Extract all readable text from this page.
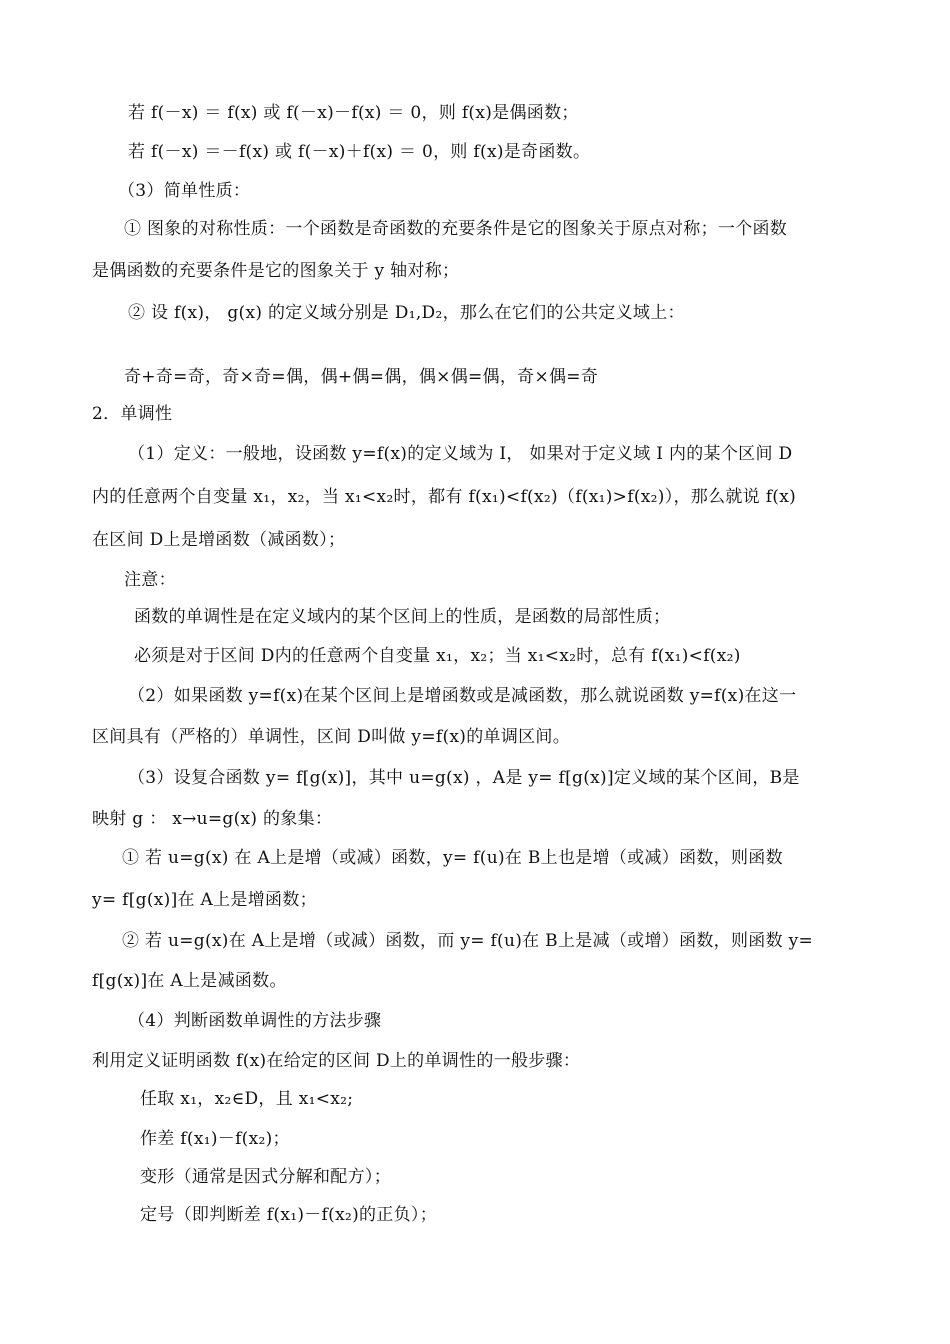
若 f(－x) ＝ f(x) 或 f(－x)－f(x) ＝ 0，则 f(x)是偶函数；
若 f(－x) ＝－f(x) 或 f(－x)＋f(x) ＝ 0，则 f(x)是奇函数。
（3）简单性质：
① 图象的对称性质：一个函数是奇函数的充要条件是它的图象关于原点对称；一个函数
是偶函数的充要条件是它的图象关于 y 轴对称；
② 设 f(x)， g(x) 的定义域分别是 D₁,D₂，那么在它们的公共定义域上：
奇+奇=奇，奇×奇=偶，偶+偶=偶，偶×偶=偶，奇×偶=奇
2．单调性
（1）定义：一般地，设函数 y=f(x)的定义域为 I， 如果对于定义域 I 内的某个区间 D
内的任意两个自变量 x₁，x₂，当 x₁<x₂时，都有 f(x₁)<f(x₂)（f(x₁)>f(x₂)），那么就说 f(x)
在区间 D上是增函数（减函数）；
注意：
函数的单调性是在定义域内的某个区间上的性质，是函数的局部性质；
必须是对于区间 D内的任意两个自变量 x₁，x₂；当 x₁<x₂时，总有 f(x₁)<f(x₂)
（2）如果函数 y=f(x)在某个区间上是增函数或是减函数，那么就说函数 y=f(x)在这一
区间具有（严格的）单调性，区间 D叫做 y=f(x)的单调区间。
（3）设复合函数 y= f[g(x)]，其中 u=g(x) ，A是 y= f[g(x)]定义域的某个区间，B是
映射 g ： x→u=g(x) 的象集：
① 若 u=g(x) 在 A上是增（或减）函数，y= f(u)在 B上也是增（或减）函数，则函数
y= f[g(x)]在 A上是增函数；
② 若 u=g(x)在 A上是增（或减）函数，而 y= f(u)在 B上是减（或增）函数，则函数 y=
f[g(x)]在 A上是减函数。
（4）判断函数单调性的方法步骤
利用定义证明函数 f(x)在给定的区间 D上的单调性的一般步骤：
任取 x₁，x₂∈D，且 x₁<x₂;
作差 f(x₁)－f(x₂)；
变形（通常是因式分解和配方）；
定号（即判断差 f(x₁)－f(x₂)的正负）；
